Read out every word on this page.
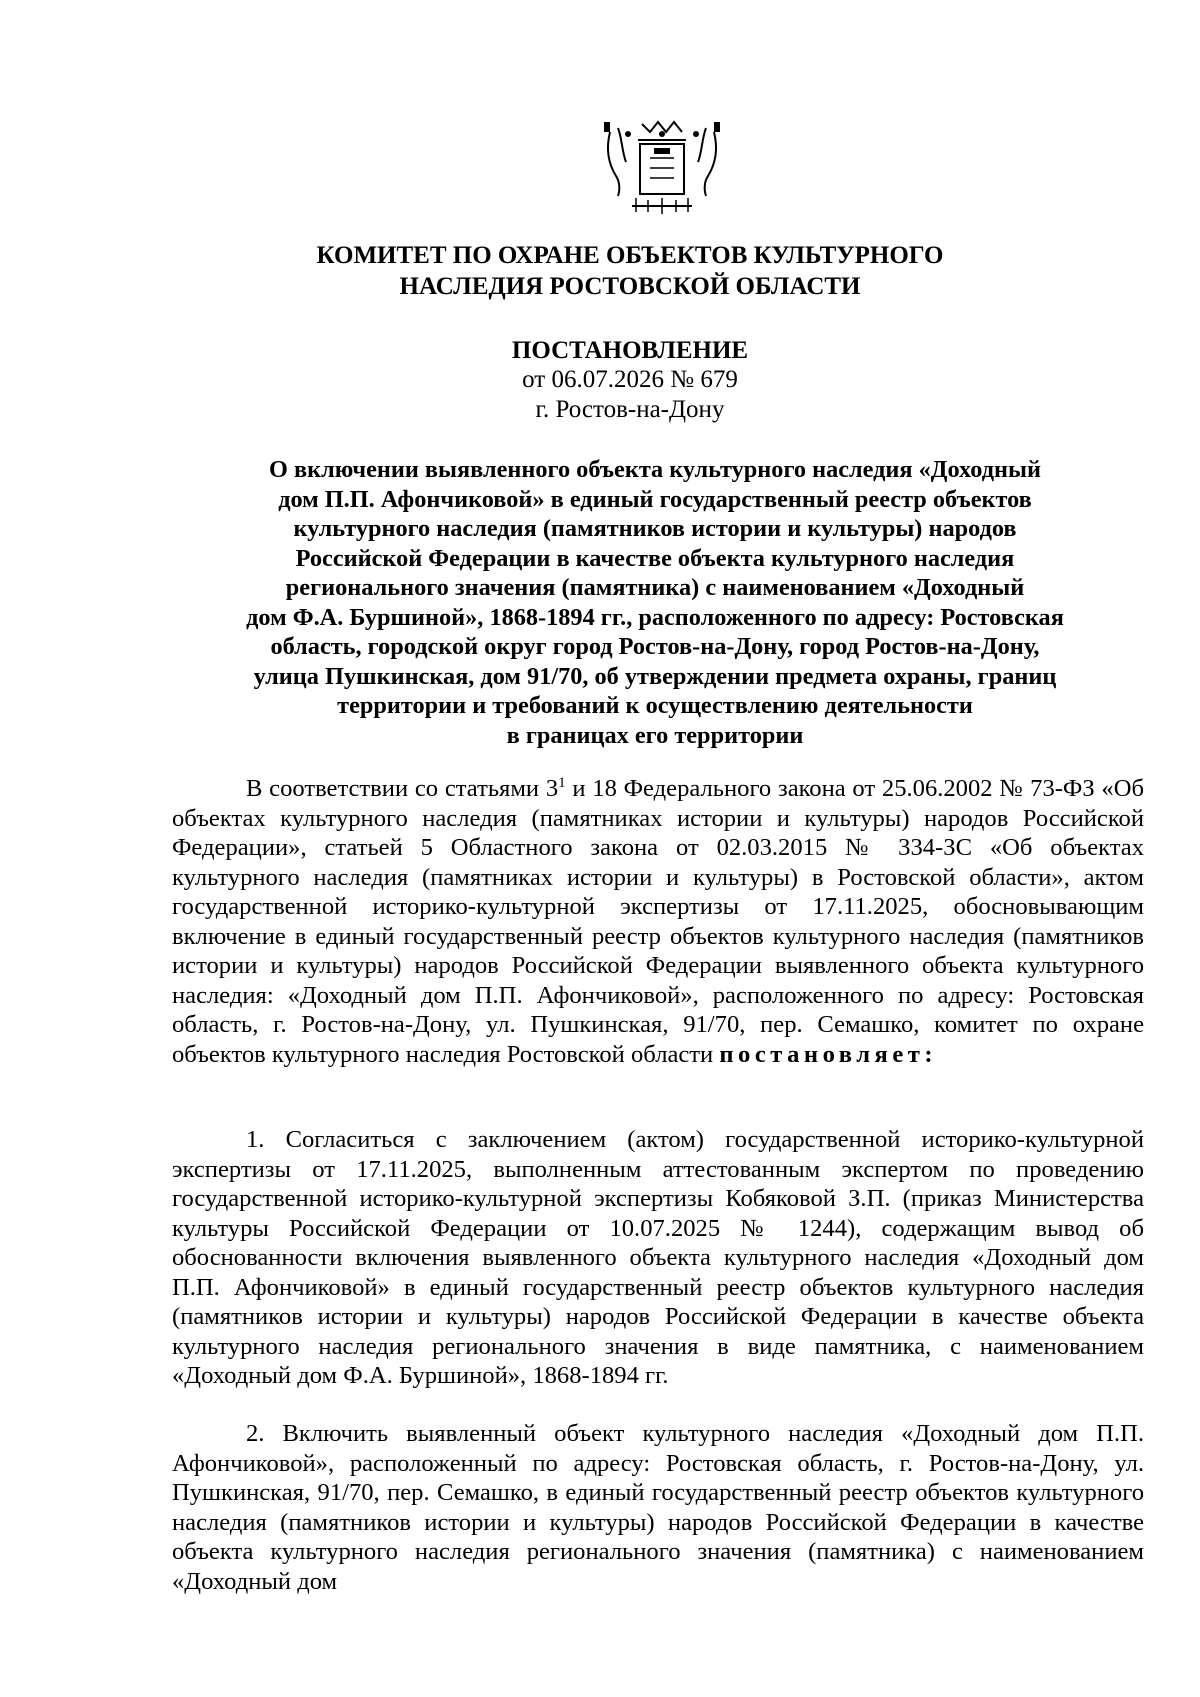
КОМИТЕТ ПО ОХРАНЕ ОБЪЕКТОВ КУЛЬТУРНОГО
НАСЛЕДИЯ РОСТОВСКОЙ ОБЛАСТИ
ПОСТАНОВЛЕНИЕ
от 06.07.2026 № 679
г. Ростов-на-Дону
О включении выявленного объекта культурного наследия «Доходный
дом П.П. Афончиковой» в единый государственный реестр объектов
культурного наследия (памятников истории и культуры) народов
Российской Федерации в качестве объекта культурного наследия
регионального значения (памятника) с наименованием «Доходный
дом Ф.А. Буршиной», 1868-1894 гг., расположенного по адресу: Ростовская
область, городской округ город Ростов-на-Дону, город Ростов-на-Дону,
улица Пушкинская, дом 91/70, об утверждении предмета охраны, границ
территории и требований к осуществлению деятельности
в границах его территории

В соответствии со статьями $3^1$ и 18 Федерального закона от 25.06.2002 № 73-ФЗ «Об объектах культурного наследия (памятниках истории и культуры) народов Российской Федерации», статьей 5 Областного закона от 02.03.2015 № 334-ЗС «Об объектах культурного наследия (памятниках истории и культуры) в Ростовской области», актом государственной историко-культурной экспертизы от 17.11.2025, обосновывающим включение в единый государственный реестр объектов культурного наследия (памятников истории и культуры) народов Российской Федерации выявленного объекта культурного наследия: «Доходный дом П.П. Афончиковой», расположенного по адресу: Ростовская область, г. Ростов-на-Дону, ул. Пушкинская, 91/70, пер. Семашко, комитет по охране объектов культурного наследия Ростовской области постановляет:

1. Согласиться с заключением (актом) государственной историко-культурной экспертизы от 17.11.2025, выполненным аттестованным экспертом по проведению государственной историко-культурной экспертизы Кобяковой З.П. (приказ Министерства культуры Российской Федерации от 10.07.2025 № 1244), содержащим вывод об обоснованности включения выявленного объекта культурного наследия «Доходный дом П.П. Афончиковой» в единый государственный реестр объектов культурного наследия (памятников истории и культуры) народов Российской Федерации в качестве объекта культурного наследия регионального значения в виде памятника, с наименованием «Доходный дом Ф.А. Буршиной», 1868-1894 гг.

2. Включить выявленный объект культурного наследия «Доходный дом П.П. Афончиковой», расположенный по адресу: Ростовская область, г. Ростов-на-Дону, ул. Пушкинская, 91/70, пер. Семашко, в единый государственный реестр объектов культурного наследия (памятников истории и культуры) народов Российской Федерации в качестве объекта культурного наследия регионального значения (памятника) с наименованием «Доходный дом
